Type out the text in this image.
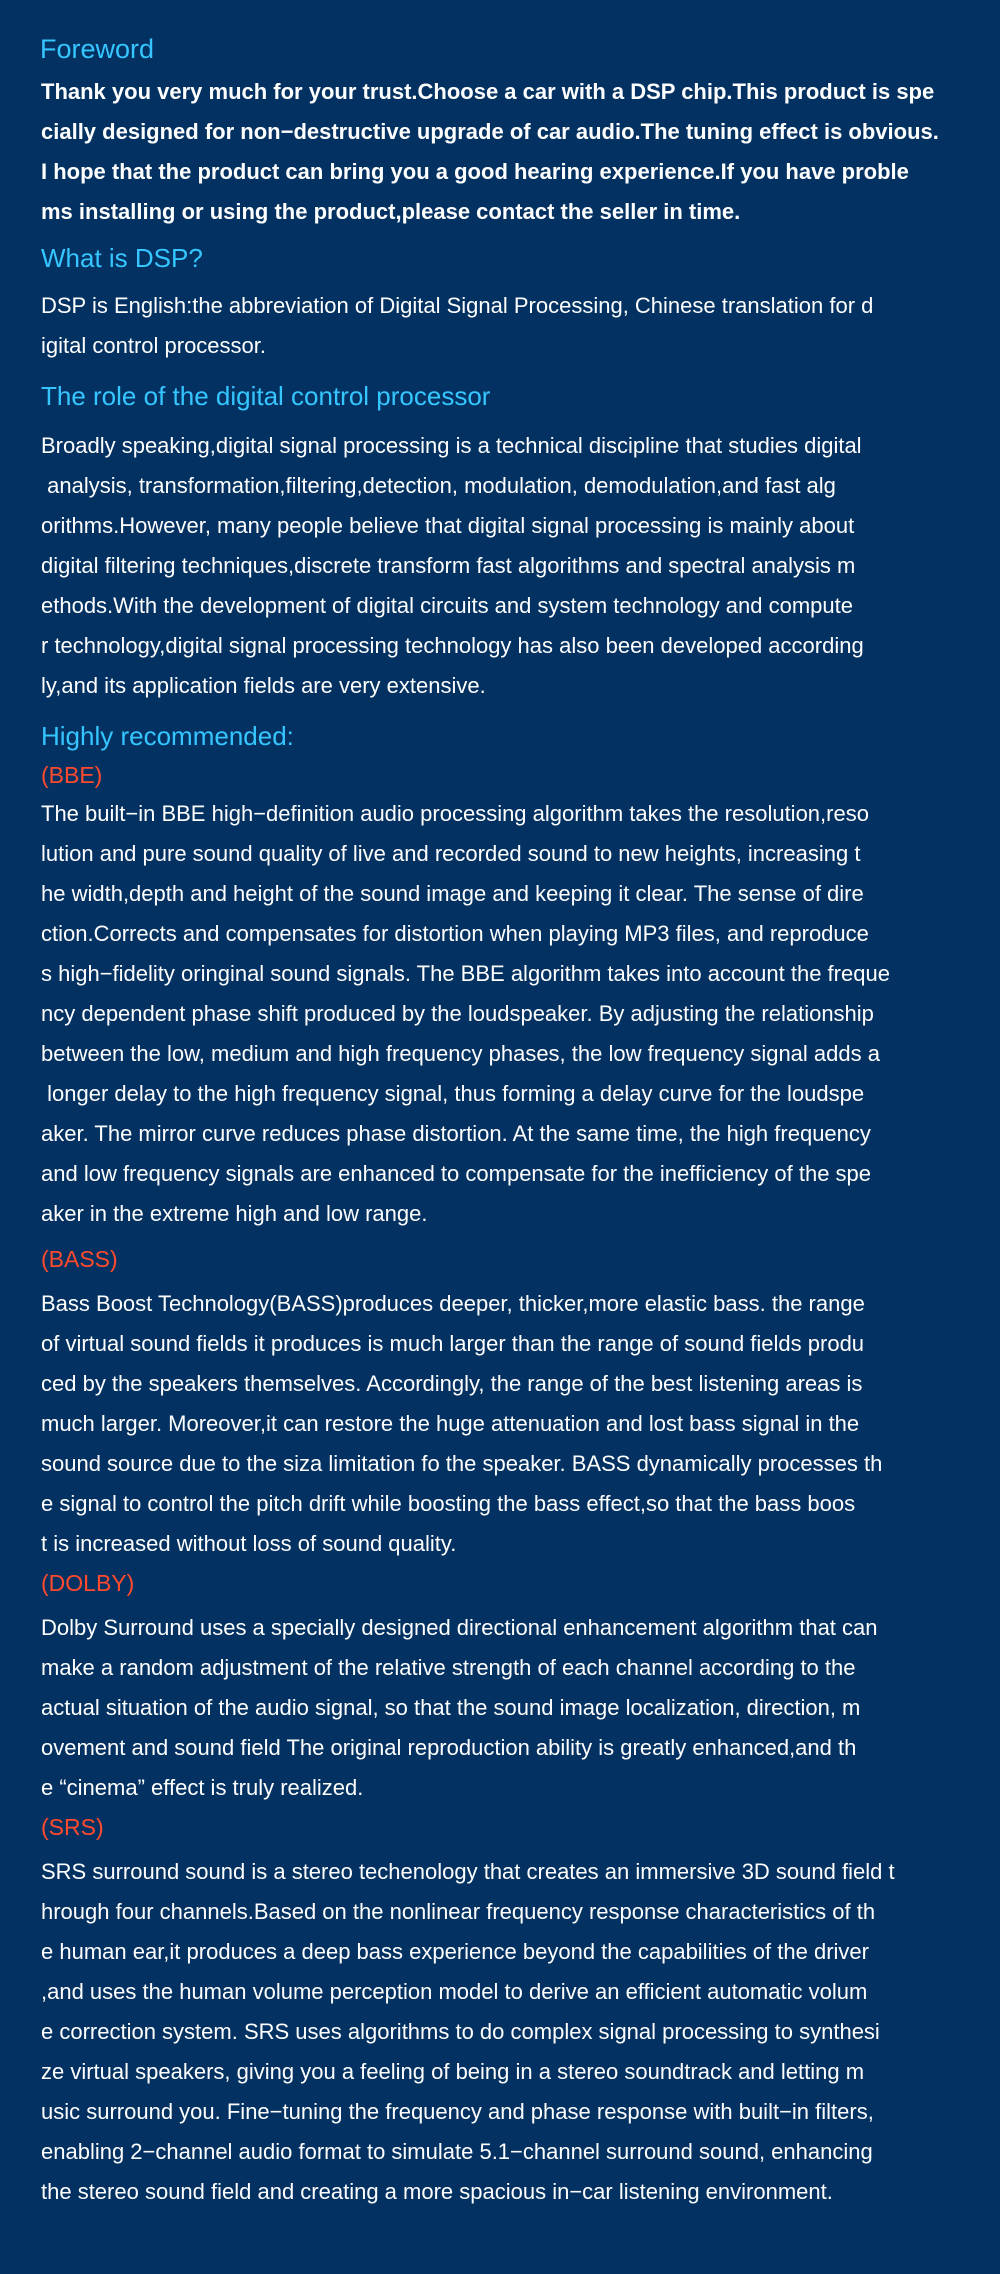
Foreword
Thank you very much for your trust.Choose a car with a DSP chip.This product is spe
cially designed for non−destructive upgrade of car audio.The tuning effect is obvious.
I hope that the product can bring you a good hearing experience.If you have proble
ms installing or using the product,please contact the seller in time.
What is DSP?
DSP is English:the abbreviation of Digital Signal Processing, Chinese translation for d
igital control processor.
The role of the digital control processor
Broadly speaking,digital signal processing is a technical discipline that studies digital
analysis, transformation,filtering,detection, modulation, demodulation,and fast alg
orithms.However, many people believe that digital signal processing is mainly about
digital filtering techniques,discrete transform fast algorithms and spectral analysis m
ethods.With the development of digital circuits and system technology and compute
r technology,digital signal processing technology has also been developed according
ly,and its application fields are very extensive.
Highly recommended:
(BBE)
The built−in BBE high−definition audio processing algorithm takes the resolution,reso
lution and pure sound quality of live and recorded sound to new heights, increasing t
he width,depth and height of the sound image and keeping it clear. The sense of dire
ction.Corrects and compensates for distortion when playing MP3 files, and reproduce
s high−fidelity oringinal sound signals. The BBE algorithm takes into account the freque
ncy dependent phase shift produced by the loudspeaker. By adjusting the relationship
between the low, medium and high frequency phases, the low frequency signal adds a
longer delay to the high frequency signal, thus forming a delay curve for the loudspe
aker. The mirror curve reduces phase distortion. At the same time, the high frequency
and low frequency signals are enhanced to compensate for the inefficiency of the spe
aker in the extreme high and low range.
(BASS)
Bass Boost Technology(BASS)produces deeper, thicker,more elastic bass. the range
of virtual sound fields it produces is much larger than the range of sound fields produ
ced by the speakers themselves. Accordingly, the range of the best listening areas is
much larger. Moreover,it can restore the huge attenuation and lost bass signal in the
sound source due to the siza limitation fo the speaker. BASS dynamically processes th
e signal to control the pitch drift while boosting the bass effect,so that the bass boos
t is increased without loss of sound quality.
(DOLBY)
Dolby Surround uses a specially designed directional enhancement algorithm that can
make a random adjustment of the relative strength of each channel according to the
actual situation of the audio signal, so that the sound image localization, direction, m
ovement and sound field The original reproduction ability is greatly enhanced,and th
e “cinema” effect is truly realized.
(SRS)
SRS surround sound is a stereo techenology that creates an immersive 3D sound field t
hrough four channels.Based on the nonlinear frequency response characteristics of th
e human ear,it produces a deep bass experience beyond the capabilities of the driver
,and uses the human volume perception model to derive an efficient automatic volum
e correction system. SRS uses algorithms to do complex signal processing to synthesi
ze virtual speakers, giving you a feeling of being in a stereo soundtrack and letting m
usic surround you. Fine−tuning the frequency and phase response with built−in filters,
enabling 2−channel audio format to simulate 5.1−channel surround sound, enhancing
the stereo sound field and creating a more spacious in−car listening environment.
